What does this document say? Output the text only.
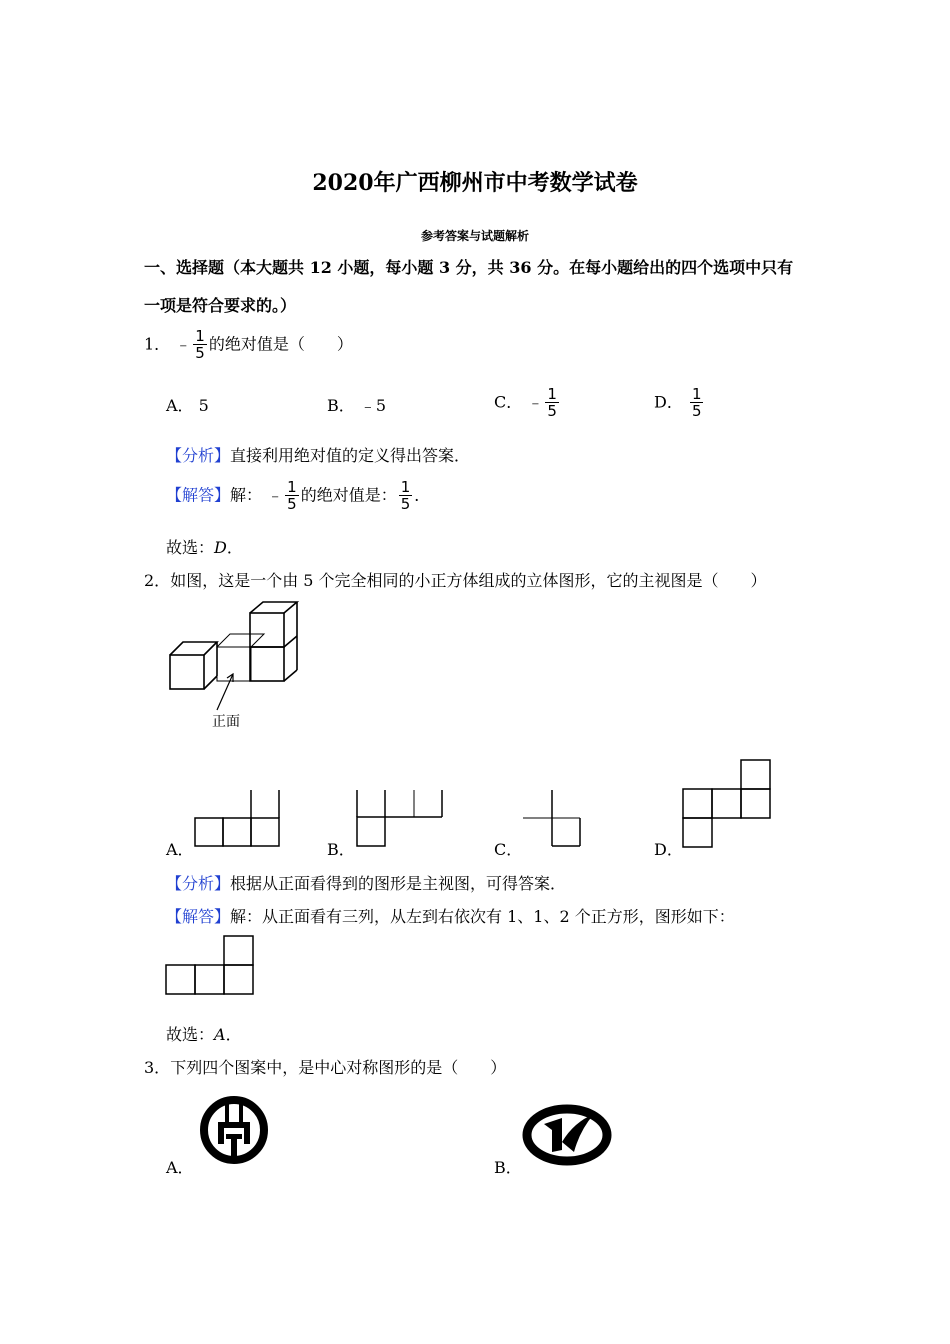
2020年广西柳州市中考数学试卷
参考答案与试题解析
一、选择题（本大题共 12 小题，每小题 3 分，共 36 分。在每小题给出的四个选项中只有
一项是符合要求的。）
1． ﹣ $\frac{1}{5}$ 的绝对值是（　　）
A． 5	B． ﹣5	C． ﹣ $\frac{1}{5}$	D． $\frac{1}{5}$
【分析】直接利用绝对值的定义得出答案．
【解答】解： ﹣ $\frac{1}{5}$ 的绝对值是： $\frac{1}{5}$ ．
故选：D．
2．如图，这是一个由 5 个完全相同的小正方体组成的立体图形，它的主视图是（　　）
正面
A．	B．	C．	D．
【分析】根据从正面看得到的图形是主视图，可得答案．
【解答】解：从正面看有三列，从左到右依次有 1、1、2 个正方形，图形如下：
故选：A．
3．下列四个图案中，是中心对称图形的是（　　）
A．	B．
